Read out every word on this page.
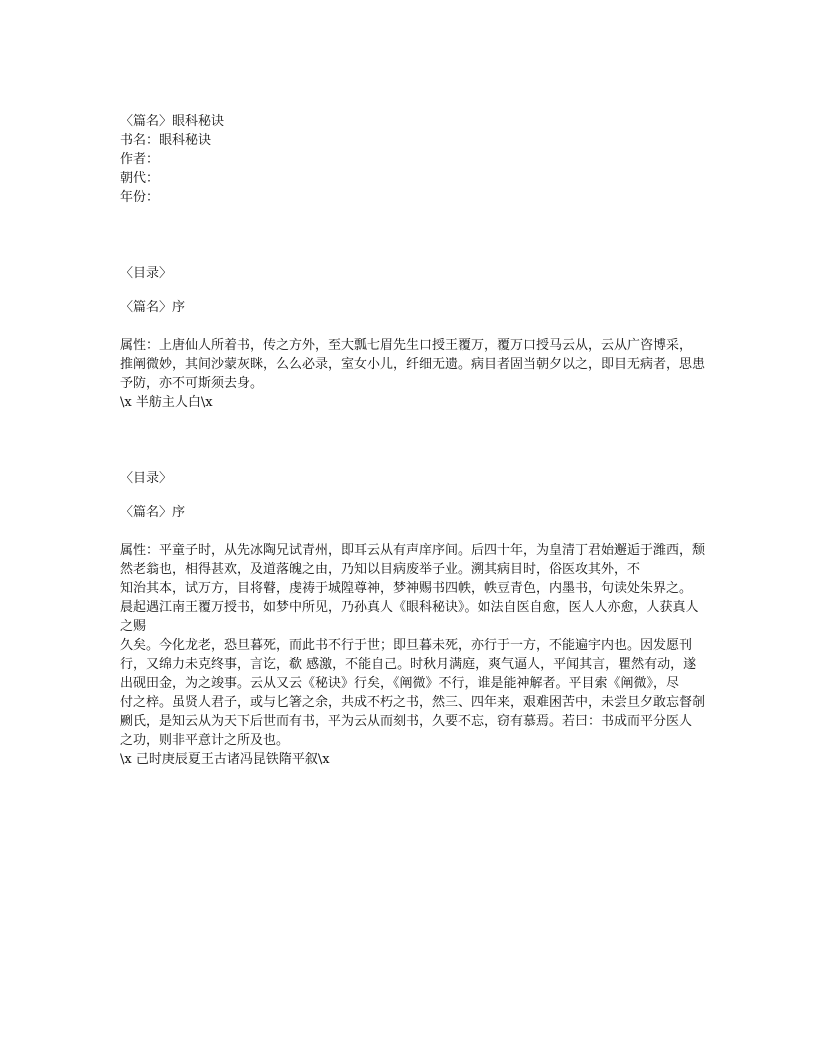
〈篇名〉眼科秘诀
书名：眼科秘诀
作者：
朝代：
年份：
〈目录〉
〈篇名〉序
属性：上唐仙人所着书，传之方外，至大瓢七眉先生口授王覆万，覆万口授马云从，云从广咨博采，
推阐微妙，其间沙蒙灰眯，么么必录，室女小儿，纤细无遗。病目者固当朝夕以之，即目无病者，思患
予防，亦不可斯须去身。
\x 半舫主人白\x
〈目录〉
〈篇名〉序
属性：平童子时，从先冰陶兄试青州，即耳云从有声庠序间。后四十年，为皇清丁君始邂逅于潍西，颓然老翁也，相得甚欢，及道落魄之由，乃知以目病废举子业。溯其病目时，俗医攻其外，不
知治其本，试万方，目将瞽，虔祷于城隍尊神，梦神赐书四帙，帙豆青色，内墨书，句读处朱界之。
晨起遇江南王覆万授书，如梦中所见，乃孙真人《眼科秘诀》。如法自医自愈，医人人亦愈，人获真人之赐
久矣。今化龙老，恐旦暮死，而此书不行于世；即旦暮未死，亦行于一方，不能遍宇内也。因发愿刊
行，又绵力未克终事，言讫，欷 感激，不能自己。时秋月满庭，爽气逼人，平闻其言，瞿然有动，遂出砚田金，为之竣事。云从又云《秘诀》行矣，《阐微》不行，谁是能神解者。平目索《阐微》，尽
付之梓。虽贤人君子，或与匕箸之余，共成不朽之书，然三、四年来，艰难困苦中，未尝旦夕敢忘督剞
劂氏，是知云从为天下后世而有书，平为云从而刻书，久要不忘，窃有慕焉。若曰：书成而平分医人
之功，则非平意计之所及也。
\x 己时庚辰夏王古诸冯昆铁隋平叙\x
